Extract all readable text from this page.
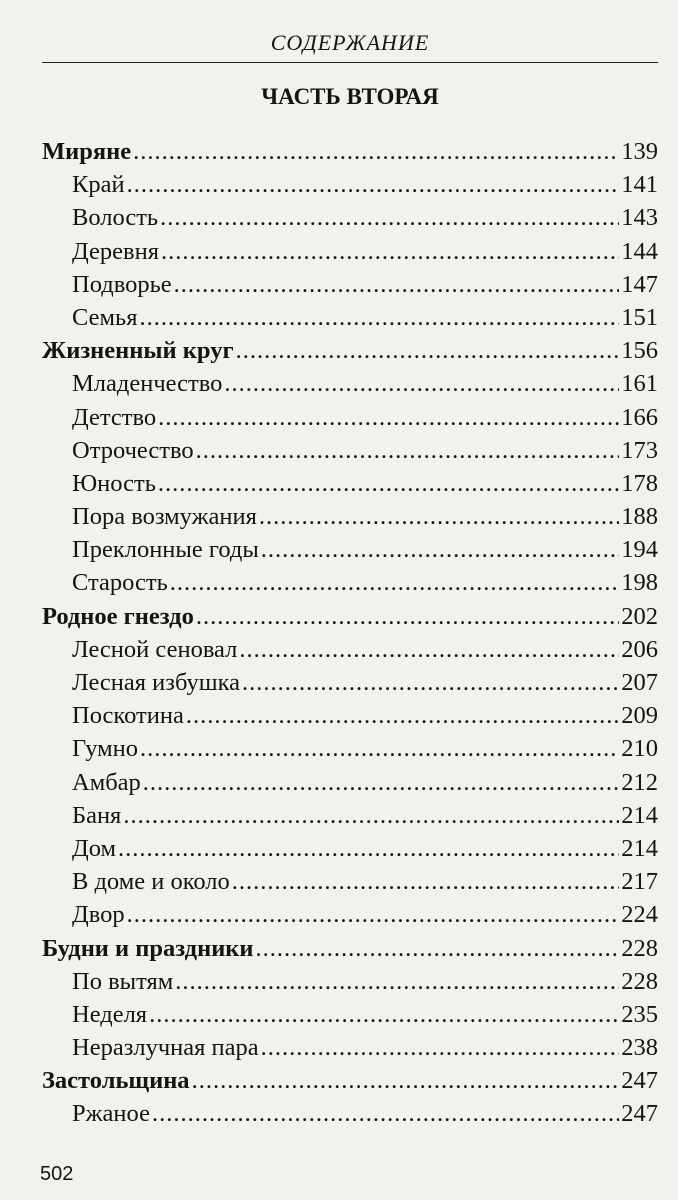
СОДЕРЖАНИЕ
ЧАСТЬ ВТОРАЯ
Миряне .....	139
Край .....	141
Волость .....	143
Деревня .....	144
Подворье .....	147
Семья .....	151
Жизненный круг .....	156
Младенчество .....	161
Детство .....	166
Отрочество .....	173
Юность .....	178
Пора возмужания .....	188
Преклонные годы .....	194
Старость .....	198
Родное гнездо .....	202
Лесной сеновал .....	206
Лесная избушка .....	207
Поскотина .....	209
Гумно .....	210
Амбар .....	212
Баня .....	214
Дом .....	214
В доме и около .....	217
Двор .....	224
Будни и праздники .....	228
По вытям .....	228
Неделя .....	235
Неразлучная пара .....	238
Застольщина .....	247
Ржаное .....	247
502
